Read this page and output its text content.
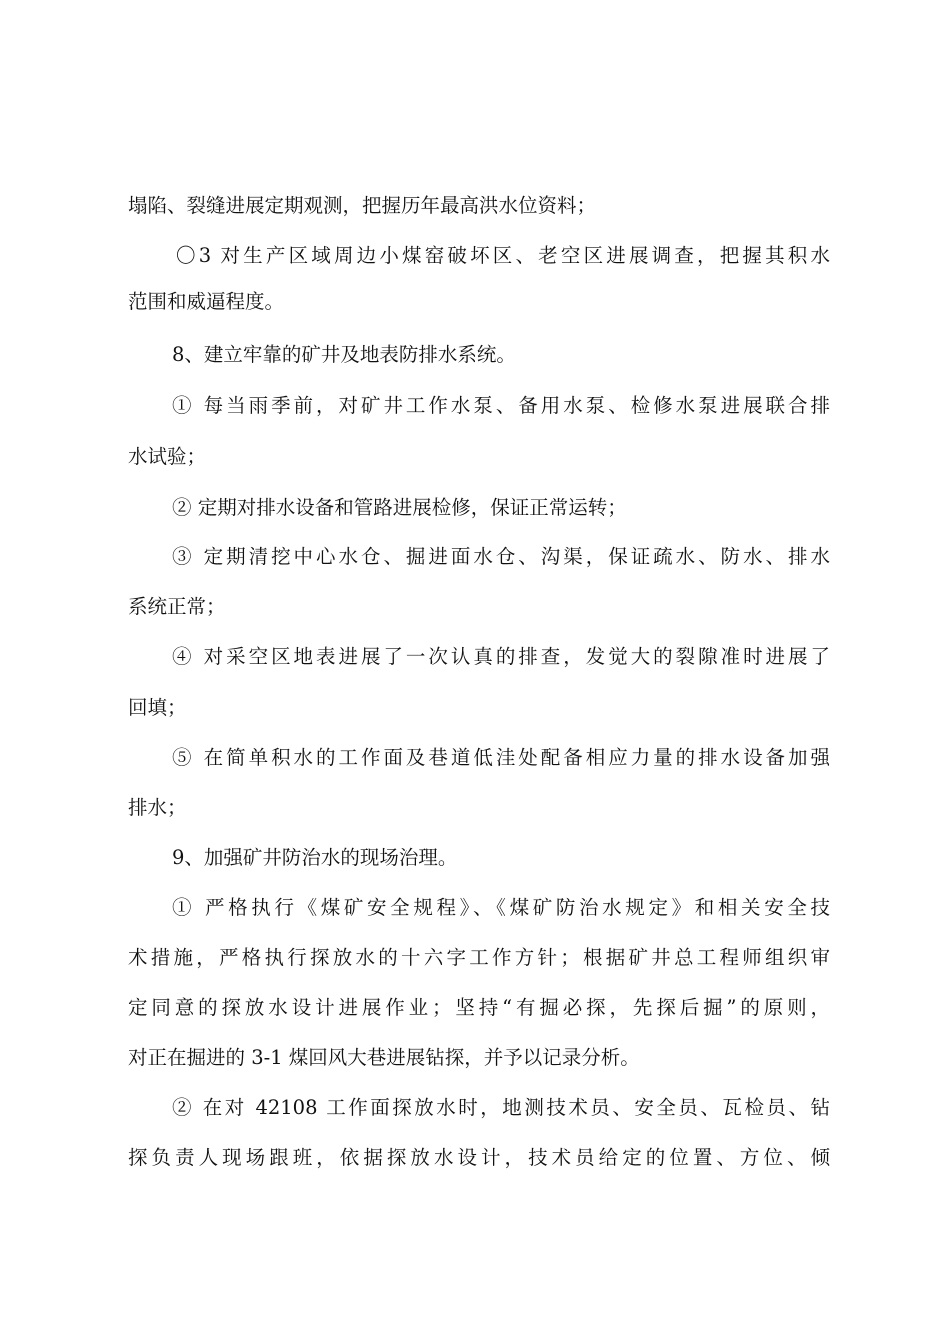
塌陷、裂缝进展定期观测，把握历年最高洪水位资料；
〇3 对生产区域周边小煤窑破坏区、老空区进展调查，把握其积水
范围和威逼程度。
8、建立牢靠的矿井及地表防排水系统。
① 每当雨季前，对矿井工作水泵、备用水泵、检修水泵进展联合排
水试验；
② 定期对排水设备和管路进展检修，保证正常运转；
③ 定期清挖中心水仓、掘进面水仓、沟渠，保证疏水、防水、排水
系统正常；
④ 对采空区地表进展了一次认真的排查，发觉大的裂隙准时进展了
回填；
⑤ 在简单积水的工作面及巷道低洼处配备相应力量的排水设备加强
排水；
9、加强矿井防治水的现场治理。
① 严格执行《煤矿安全规程》、《煤矿防治水规定》和相关安全技
术措施，严格执行探放水的十六字工作方针；根据矿井总工程师组织审
定同意的探放水设计进展作业；坚持“有掘必探，先探后掘”的原则，
对正在掘进的 3-1 煤回风大巷进展钻探，并予以记录分析。
② 在对 42108 工作面探放水时，地测技术员、安全员、瓦检员、钻
探负责人现场跟班，依据探放水设计，技术员给定的位置、方位、倾
